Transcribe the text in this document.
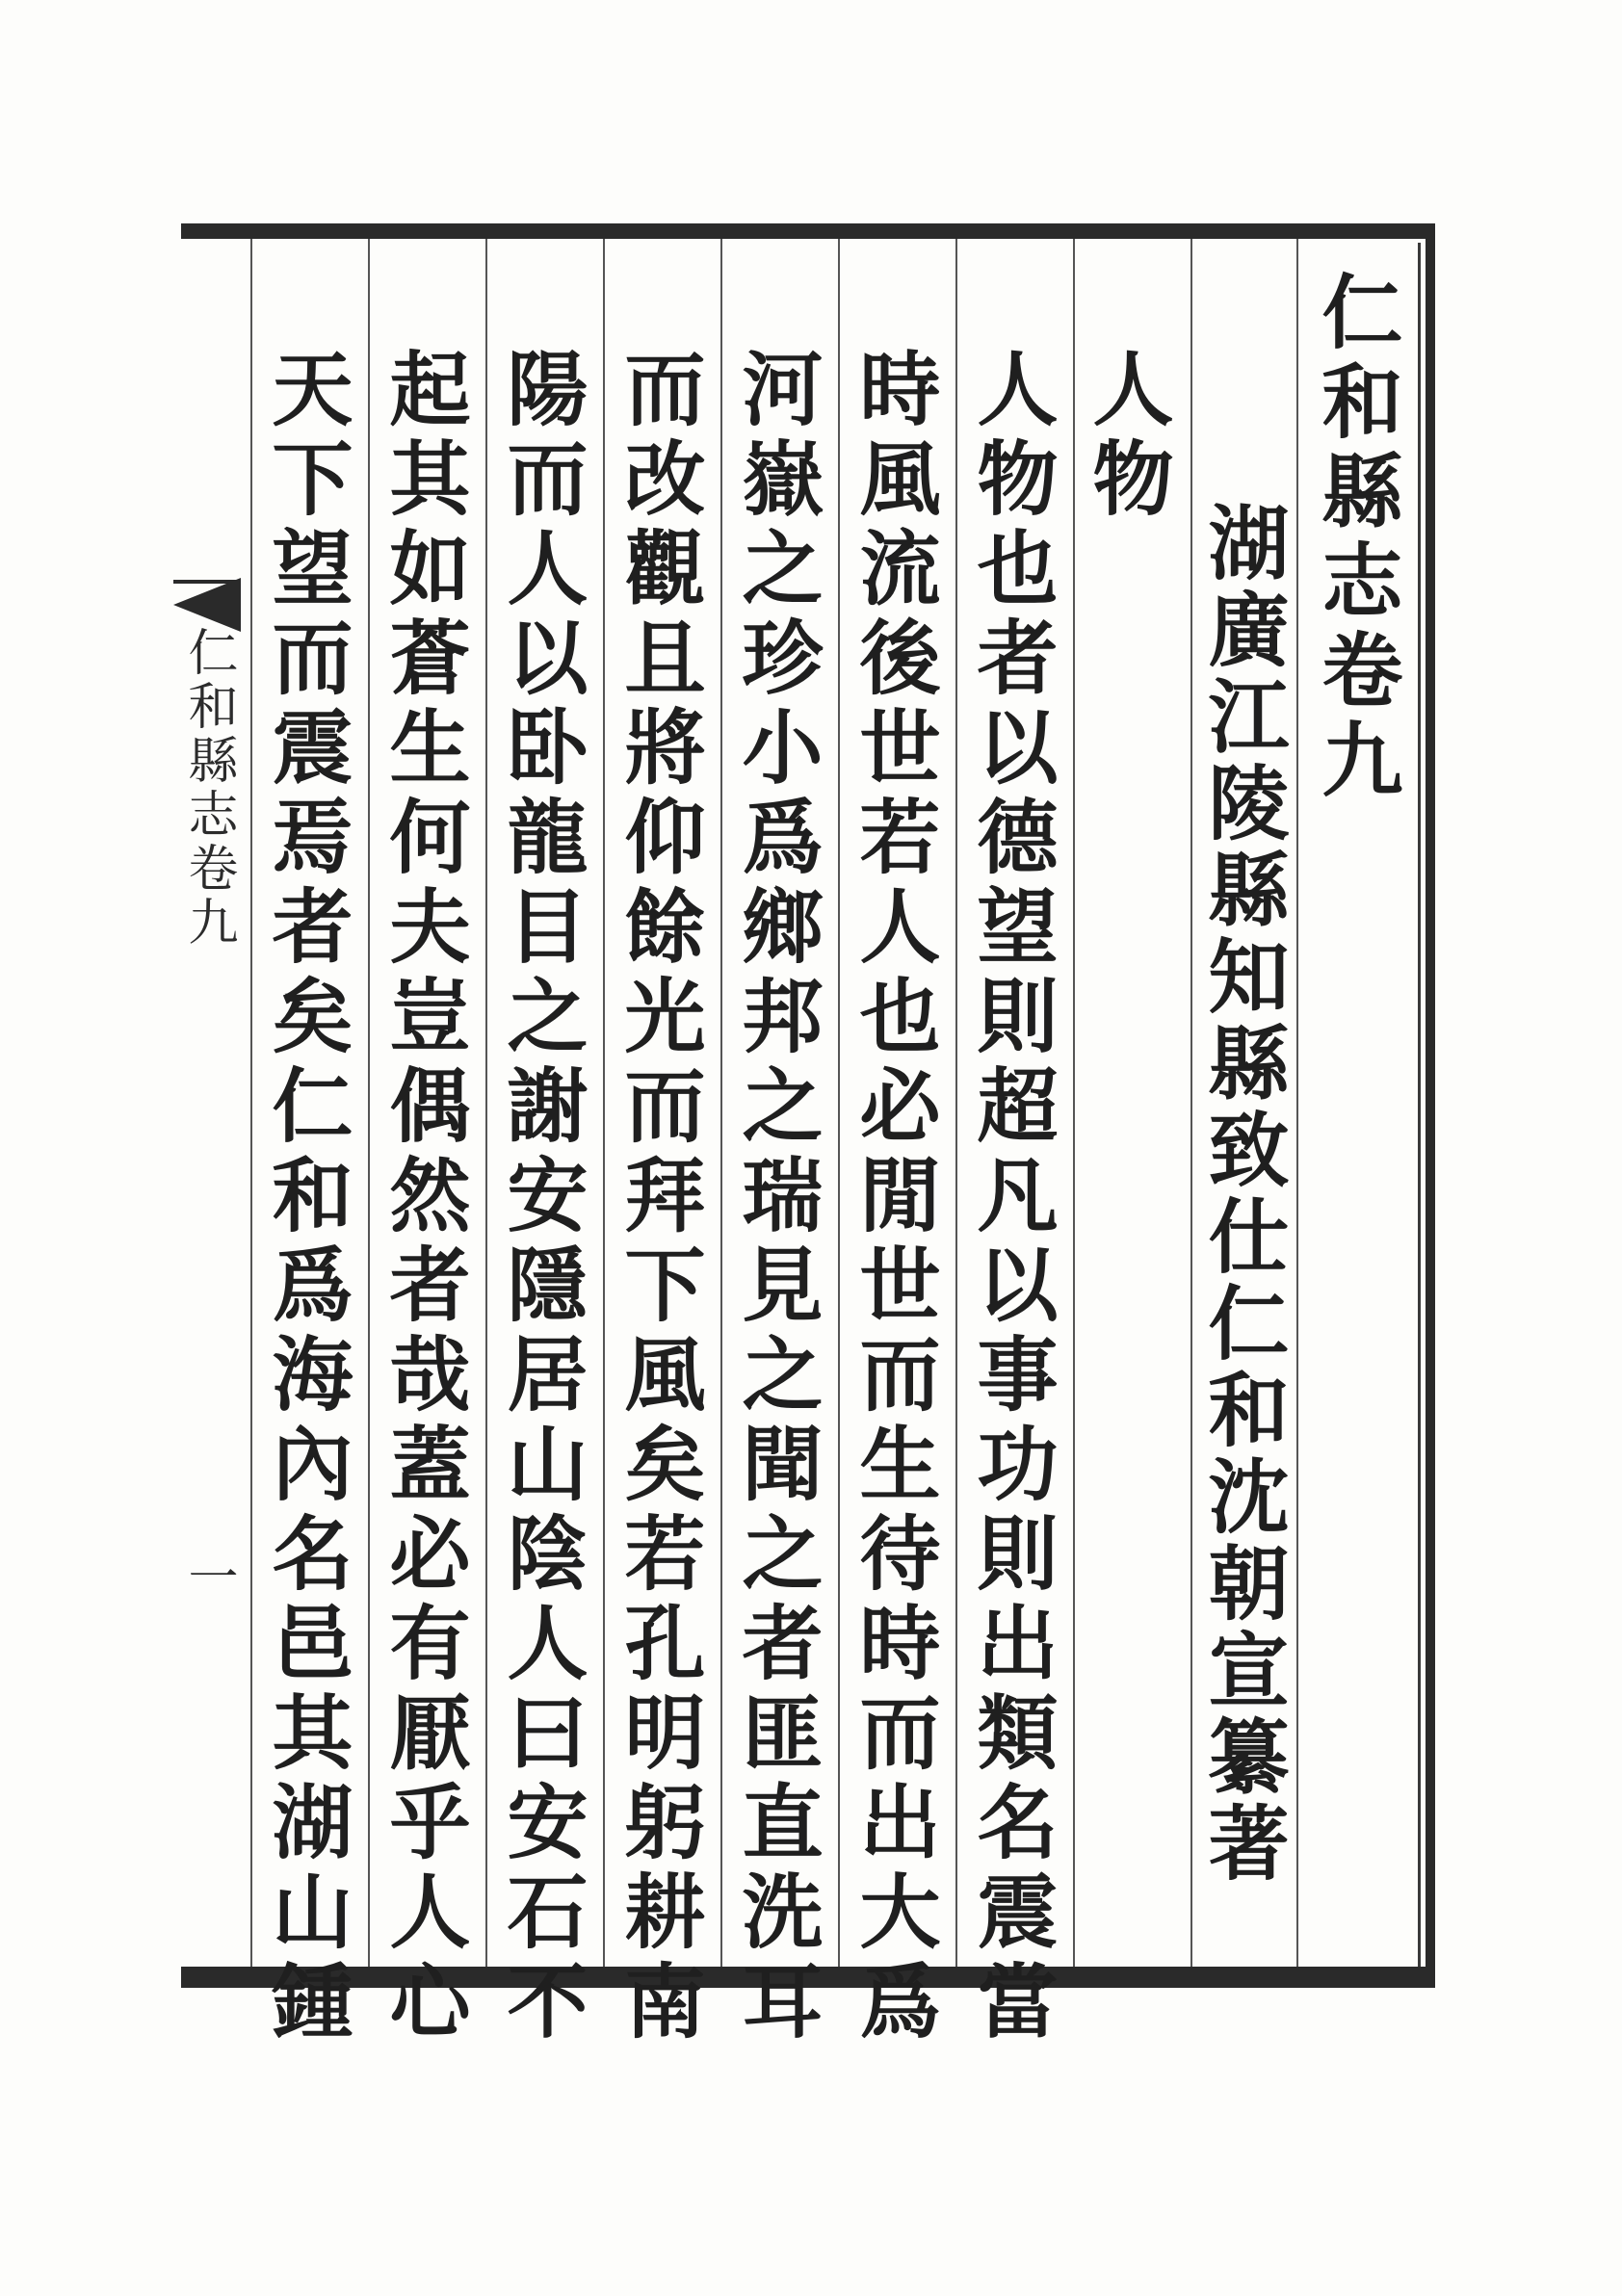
仁和縣志卷九
一
仁和縣志卷九
湖廣江陵縣知縣致仕仁和沈朝宣纂著
人物
人物也者以德望則超凡以事功則出類名震當
時風流後世若人也必閒世而生待時而出大爲
河嶽之珍小爲鄉邦之瑞見之聞之者匪直洗耳
而改觀且將仰餘光而拜下風矣若孔明躬耕南
陽而人以卧龍目之謝安隱居山陰人曰安石不
起其如蒼生何夫豈偶然者哉蓋必有厭乎人心
天下望而震焉者矣仁和爲海內名邑其湖山鍾
